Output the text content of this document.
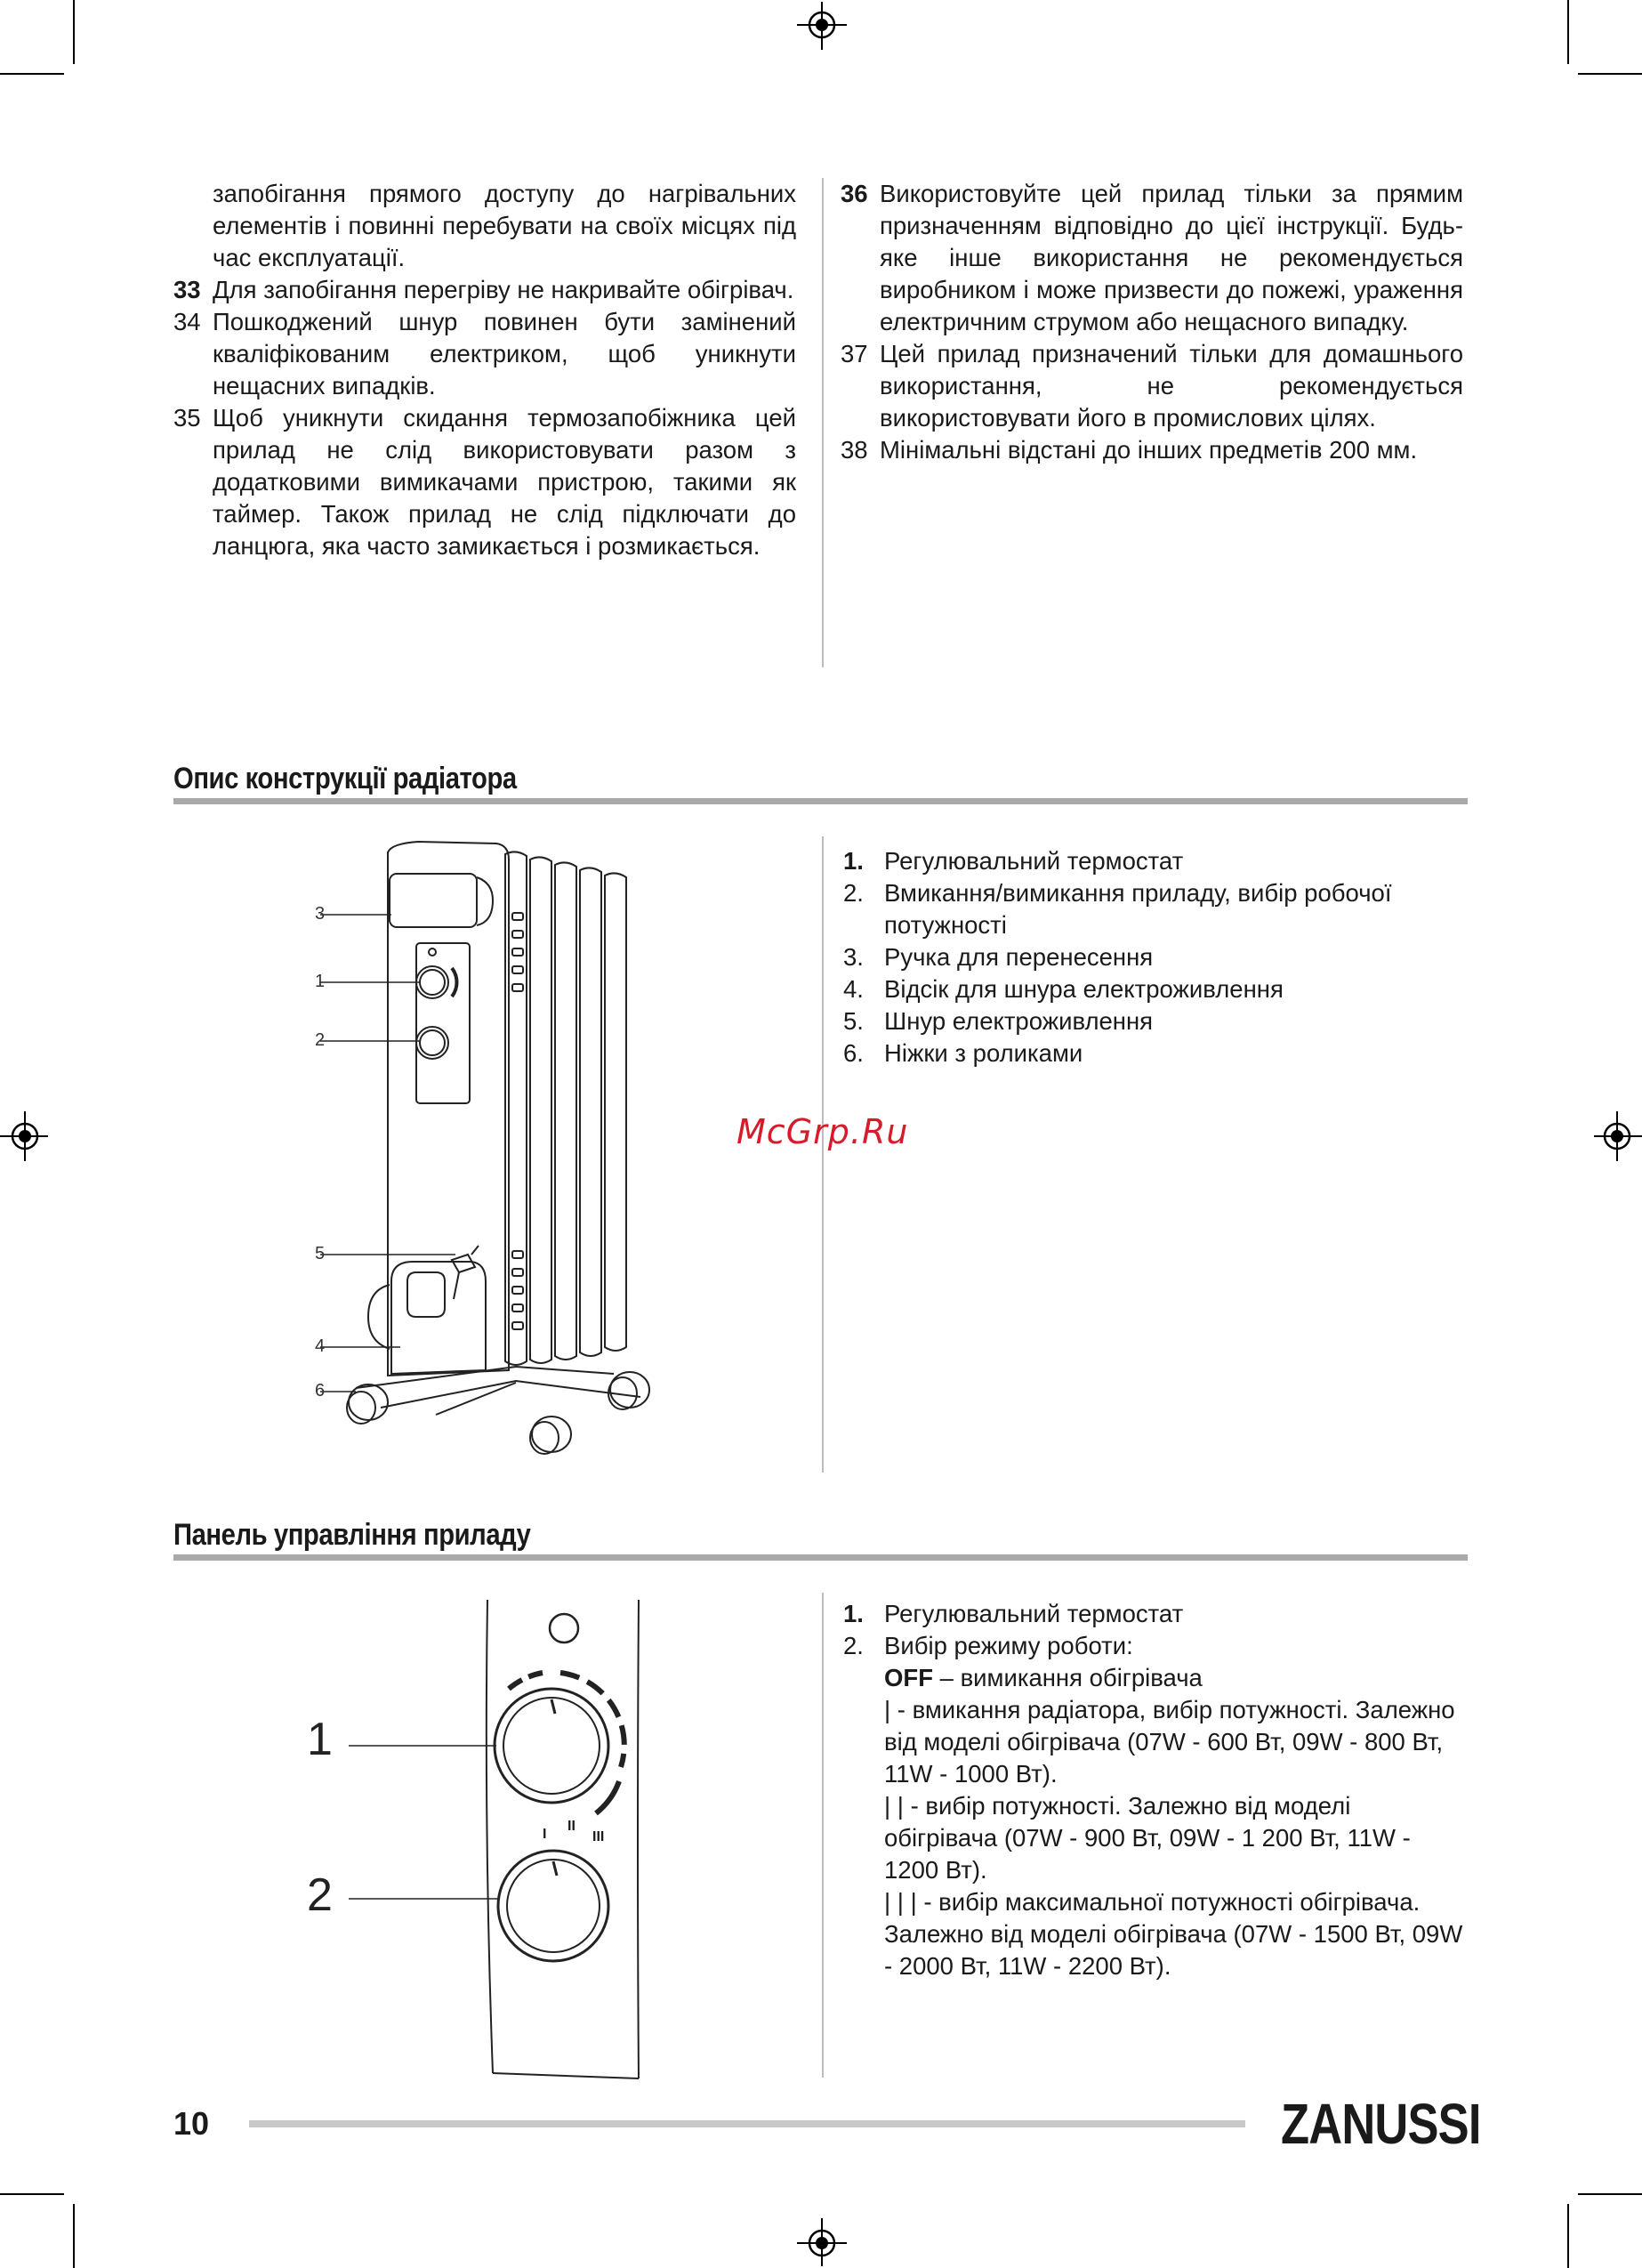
запобігання прямого доступу до нагрівальних елементів і повинні перебувати на своїх місцях під час експлуатації.
33 Для запобігання перегріву не накривайте обігрівач.
34 Пошкоджений шнур повинен бути замінений кваліфікованим електриком, щоб уникнути нещасних випадків.
35 Щоб уникнути скидання термозапобіжника цей прилад не слід використовувати разом з додатковими вимикачами пристрою, такими як таймер. Також прилад не слід підключати до ланцюга, яка часто замикається і розмикається.
36 Використовуйте цей прилад тільки за прямим призначенням відповідно до цієї інструкції. Будь-яке інше використання не рекомендується виробником і може призвести до пожежі, ураження електричним струмом або нещасного випадку.
37 Цей прилад призначений тільки для домашнього використання, не рекомендується використовувати його в промислових цілях.
38 Мінімальні відстані до інших предметів 200 мм.
Опис конструкції радіатора
3
1
2
5
4
6
1. Регулювальний термостат
2. Вмикання/вимикання приладу, вибір робочої потужності
3. Ручка для перенесення
4. Відсік для шнура електроживлення
5. Шнур електроживлення
6. Ніжки з роликами
McGrp.Ru
Панель управління приладу
I
II
III
1
2
1. Регулювальний термостат
2. Вибір режиму роботи:
OFF – вимикання обігрівача
| - вмикання радіатора, вибір потужності. Залежно від моделі обігрівача (07W - 600 Вт, 09W - 800 Вт, 11W - 1000 Вт).
| | - вибір потужності. Залежно від моделі обігрівача (07W - 900 Вт, 09W - 1 200 Вт, 11W - 1200 Вт).
| | | - вибір максимальної потужності обігрівача. Залежно від моделі обігрівача (07W - 1500 Вт, 09W - 2000 Вт, 11W - 2200 Вт).
10	ZANUSSI
